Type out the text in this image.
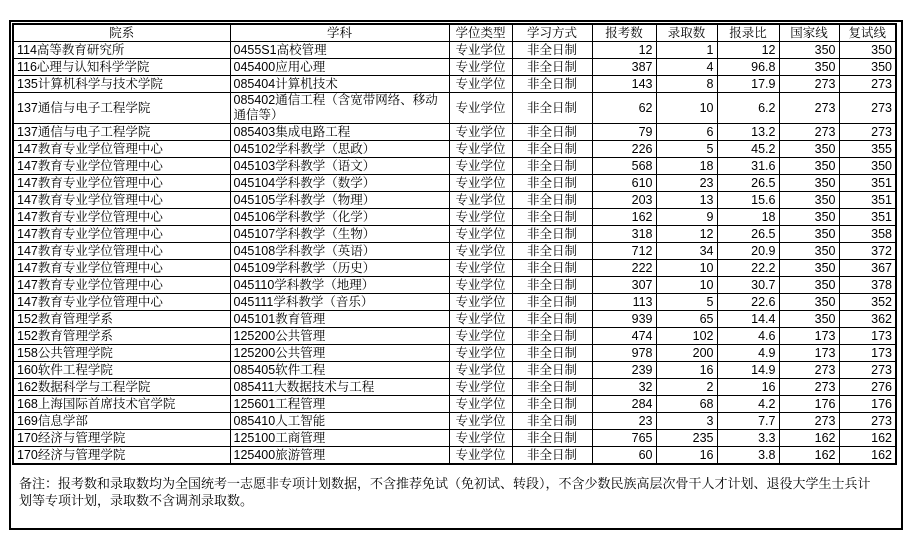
院系	学科	学位类型	学习方式	报考数	录取数	报录比	国家线	复试线
114高等教育研究所	0455S1高校管理	专业学位	非全日制	12	1	12	350	350
116心理与认知科学学院	045400应用心理	专业学位	非全日制	387	4	96.8	350	350
135计算机科学与技术学院	085404计算机技术	专业学位	非全日制	143	8	17.9	273	273
137通信与电子工程学院	085402通信工程（含宽带网络、移动通信等）	专业学位	非全日制	62	10	6.2	273	273
137通信与电子工程学院	085403集成电路工程	专业学位	非全日制	79	6	13.2	273	273
147教育专业学位管理中心	045102学科教学（思政）	专业学位	非全日制	226	5	45.2	350	355
147教育专业学位管理中心	045103学科教学（语文）	专业学位	非全日制	568	18	31.6	350	350
147教育专业学位管理中心	045104学科教学（数学）	专业学位	非全日制	610	23	26.5	350	351
147教育专业学位管理中心	045105学科教学（物理）	专业学位	非全日制	203	13	15.6	350	351
147教育专业学位管理中心	045106学科教学（化学）	专业学位	非全日制	162	9	18	350	351
147教育专业学位管理中心	045107学科教学（生物）	专业学位	非全日制	318	12	26.5	350	358
147教育专业学位管理中心	045108学科教学（英语）	专业学位	非全日制	712	34	20.9	350	372
147教育专业学位管理中心	045109学科教学（历史）	专业学位	非全日制	222	10	22.2	350	367
147教育专业学位管理中心	045110学科教学（地理）	专业学位	非全日制	307	10	30.7	350	378
147教育专业学位管理中心	045111学科教学（音乐）	专业学位	非全日制	113	5	22.6	350	352
152教育管理学系	045101教育管理	专业学位	非全日制	939	65	14.4	350	362
152教育管理学系	125200公共管理	专业学位	非全日制	474	102	4.6	173	173
158公共管理学院	125200公共管理	专业学位	非全日制	978	200	4.9	173	173
160软件工程学院	085405软件工程	专业学位	非全日制	239	16	14.9	273	273
162数据科学与工程学院	085411大数据技术与工程	专业学位	非全日制	32	2	16	273	276
168上海国际首席技术官学院	125601工程管理	专业学位	非全日制	284	68	4.2	176	176
169信息学部	085410人工智能	专业学位	非全日制	23	3	7.7	273	273
170经济与管理学院	125100工商管理	专业学位	非全日制	765	235	3.3	162	162
170经济与管理学院	125400旅游管理	专业学位	非全日制	60	16	3.8	162	162
备注：报考数和录取数均为全国统考一志愿非专项计划数据，不含推荐免试（免初试、转段），不含少数民族高层次骨干人才计划、退役大学生士兵计划等专项计划，录取数不含调剂录取数。
